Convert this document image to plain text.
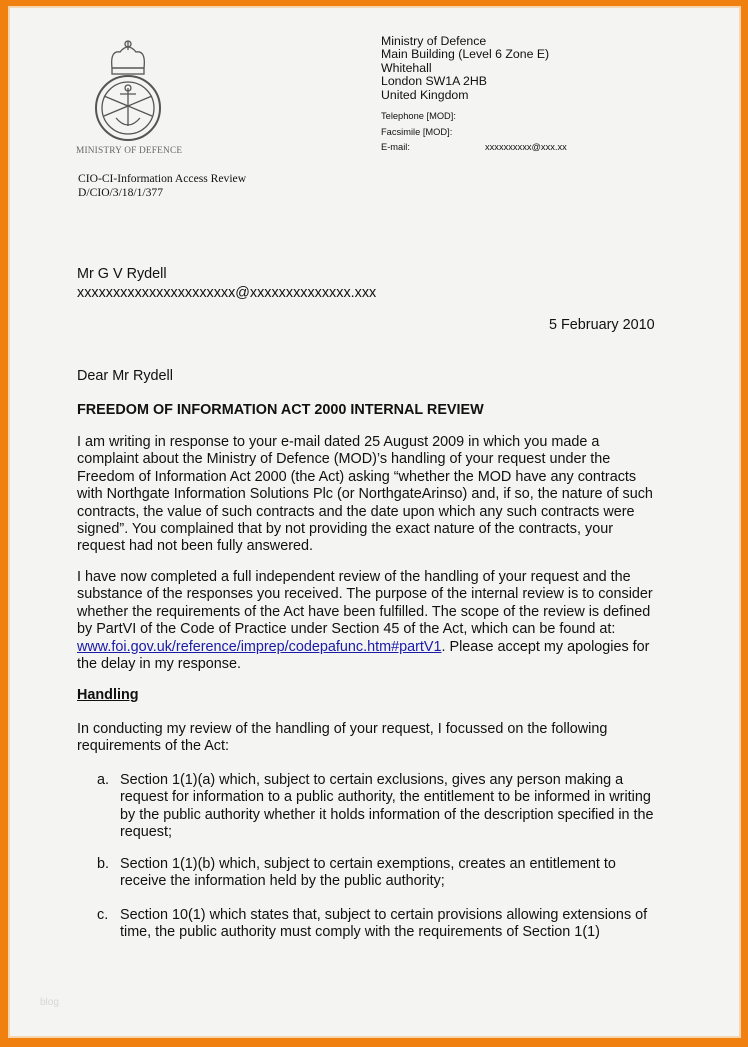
MINISTRY OF DEFENCE
Ministry of Defence
Main Building (Level 6 Zone E)
Whitehall
London SW1A 2HB
United Kingdom
Telephone [MOD]:
Facsimile [MOD]:
E-mail:	xxxxxxxxxx@xxx.xx
CIO-CI-Information Access Review
D/CIO/3/18/1/377
Mr G V Rydell
xxxxxxxxxxxxxxxxxxxxxx@xxxxxxxxxxxxxx.xxx
5 February 2010
Dear Mr Rydell
FREEDOM OF INFORMATION ACT 2000 INTERNAL REVIEW
I am writing in response to your e-mail dated 25 August 2009 in which you made a
complaint about the Ministry of Defence (MOD)’s handling of your request under the
Freedom of Information Act 2000 (the Act) asking “whether the MOD have any contracts
with Northgate Information Solutions Plc (or NorthgateArinso) and, if so, the nature of such
contracts, the value of such contracts and the date upon which any such contracts were
signed”. You complained that by not providing the exact nature of the contracts, your
request had not been fully answered.
I have now completed a full independent review of the handling of your request and the
substance of the responses you received. The purpose of the internal review is to consider
whether the requirements of the Act have been fulfilled. The scope of the review is defined
by PartVI of the Code of Practice under Section 45 of the Act, which can be found at:
www.foi.gov.uk/reference/imprep/codepafunc.htm#partV1. Please accept my apologies for
the delay in my response.
Handling
In conducting my review of the handling of your request, I focussed on the following
requirements of the Act:
a. Section 1(1)(a) which, subject to certain exclusions, gives any person making a
request for information to a public authority, the entitlement to be informed in writing
by the public authority whether it holds information of the description specified in the
request;
b. Section 1(1)(b) which, subject to certain exemptions, creates an entitlement to
receive the information held by the public authority;
c. Section 10(1) which states that, subject to certain provisions allowing extensions of
time, the public authority must comply with the requirements of Section 1(1)
blog
